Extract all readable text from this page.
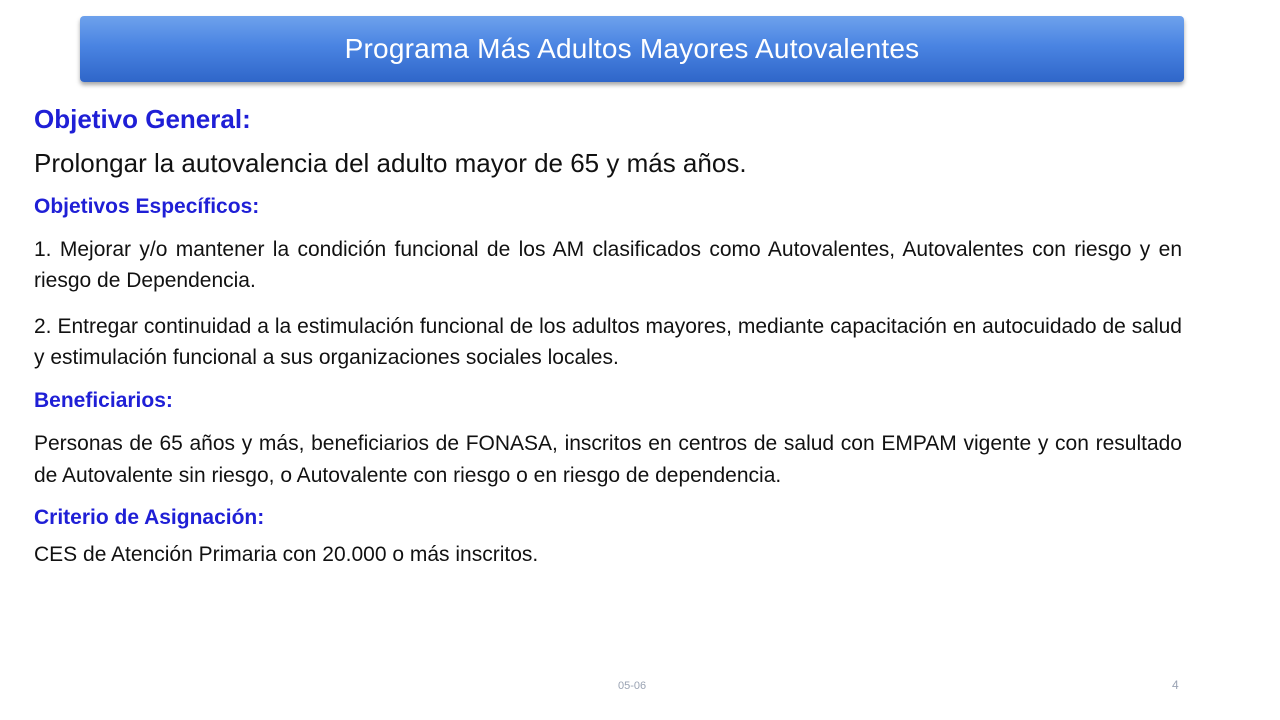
Programa Más Adultos Mayores Autovalentes
Objetivo General:
Prolongar la autovalencia del adulto mayor de 65 y más años.
Objetivos Específicos:
1. Mejorar y/o mantener la condición funcional de los AM clasificados como Autovalentes, Autovalentes con riesgo y en riesgo de Dependencia.
2. Entregar continuidad a la estimulación funcional de los adultos mayores, mediante capacitación en autocuidado de salud y estimulación funcional a sus organizaciones sociales locales.
Beneficiarios:
Personas de 65 años y más, beneficiarios de FONASA, inscritos en centros de salud con EMPAM vigente y con resultado de Autovalente sin riesgo, o Autovalente con riesgo o en riesgo de dependencia.
Criterio de Asignación:
CES de Atención Primaria con 20.000 o más inscritos.
05-06	4
